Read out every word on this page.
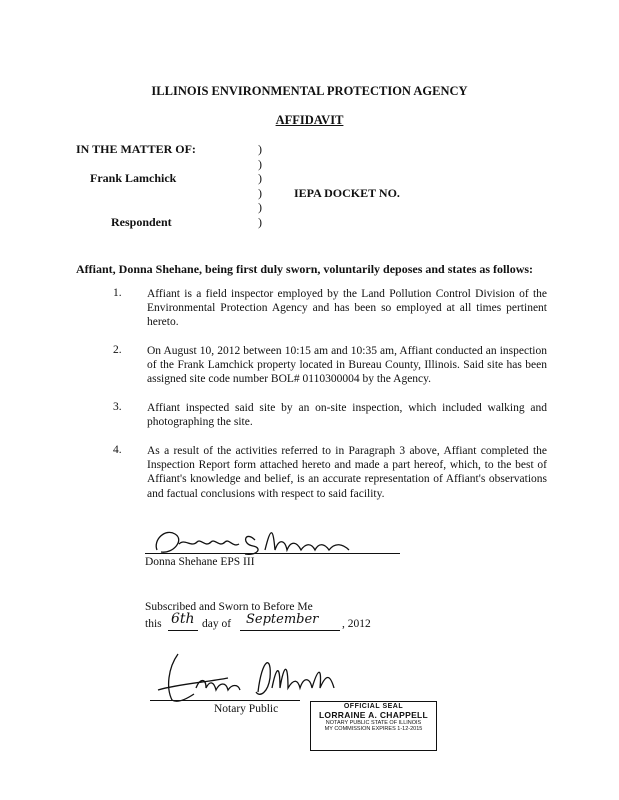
ILLINOIS ENVIRONMENTAL PROTECTION AGENCY
AFFIDAVIT
IN THE MATTER OF:
Frank Lamchick
Respondent
)
)
)
)
)
)
IEPA DOCKET NO.
Affiant, Donna Shehane, being first duly sworn, voluntarily deposes and states as follows:
1. Affiant is a field inspector employed by the Land Pollution Control Division of the Environmental Protection Agency and has been so employed at all times pertinent hereto.
2. On August 10, 2012 between 10:15 am and 10:35 am, Affiant conducted an inspection of the Frank Lamchick property located in Bureau County, Illinois. Said site has been assigned site code number BOL# 0110300004 by the Agency.
3. Affiant inspected said site by an on-site inspection, which included walking and photographing the site.
4. As a result of the activities referred to in Paragraph 3 above, Affiant completed the Inspection Report form attached hereto and made a part hereof, which, to the best of Affiant's knowledge and belief, is an accurate representation of Affiant's observations and factual conclusions with respect to said facility.
Donna Shehane EPS III
Subscribed and Sworn to Before Me
this 6th day of September , 2012
Notary Public	OFFICIAL SEAL
LORRAINE A. CHAPPELL
NOTARY PUBLIC STATE OF ILLINOIS
MY COMMISSION EXPIRES 1-12-2015
